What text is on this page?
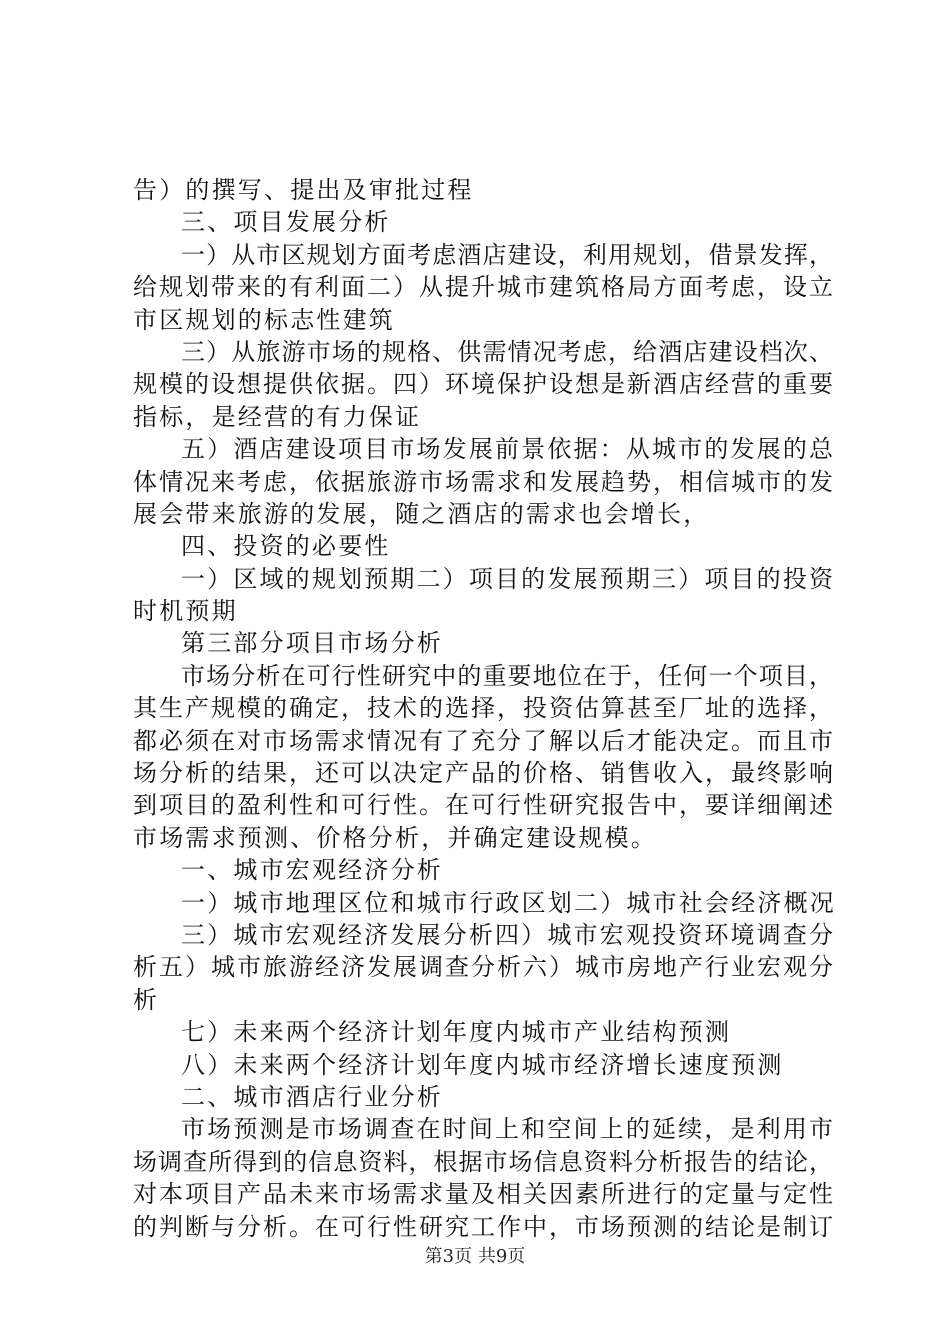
告）的撰写、提出及审批过程
三、项目发展分析
一）从市区规划方面考虑酒店建设，利用规划，借景发挥，
给规划带来的有利面二）从提升城市建筑格局方面考虑，设立
市区规划的标志性建筑
三）从旅游市场的规格、供需情况考虑，给酒店建设档次、
规模的设想提供依据。四）环境保护设想是新酒店经营的重要
指标，是经营的有力保证
五）酒店建设项目市场发展前景依据：从城市的发展的总
体情况来考虑，依据旅游市场需求和发展趋势，相信城市的发
展会带来旅游的发展，随之酒店的需求也会增长，
四、投资的必要性
一）区域的规划预期二）项目的发展预期三）项目的投资
时机预期
第三部分项目市场分析
市场分析在可行性研究中的重要地位在于，任何一个项目，
其生产规模的确定，技术的选择，投资估算甚至厂址的选择，
都必须在对市场需求情况有了充分了解以后才能决定。而且市
场分析的结果，还可以决定产品的价格、销售收入，最终影响
到项目的盈利性和可行性。在可行性研究报告中，要详细阐述
市场需求预测、价格分析，并确定建设规模。
一、城市宏观经济分析
一）城市地理区位和城市行政区划二）城市社会经济概况
三）城市宏观经济发展分析四）城市宏观投资环境调查分
析五）城市旅游经济发展调查分析六）城市房地产行业宏观分
析
七）未来两个经济计划年度内城市产业结构预测
八）未来两个经济计划年度内城市经济增长速度预测
二、城市酒店行业分析
市场预测是市场调查在时间上和空间上的延续，是利用市
场调查所得到的信息资料，根据市场信息资料分析报告的结论，
对本项目产品未来市场需求量及相关因素所进行的定量与定性
的判断与分析。在可行性研究工作中，市场预测的结论是制订
第3页 共9页
